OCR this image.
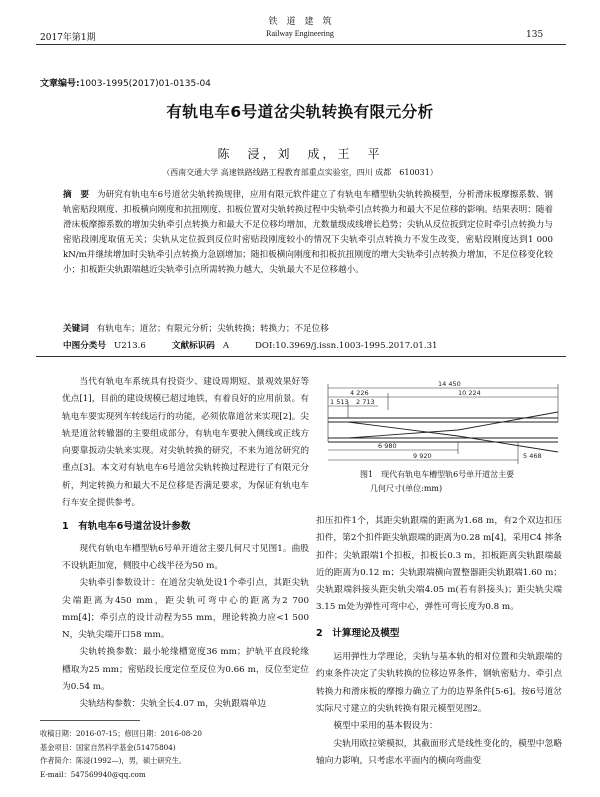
2017年第1期
铁　道　建　筑
Railway Engineering	135
文章编号:1003-1995(2017)01-0135-04
有轨电车6号道岔尖轨转换有限元分析
陈　浸，刘　成，王　平
（西南交通大学 高速铁路线路工程教育部重点实验室，四川 成都　610031）
摘　要 为研究有轨电车6号道岔尖轨转换规律，应用有限元软件建立了有轨电车槽型轨尖轨转换模型，分析滑床板摩擦系数、钢轨密贴段刚度、扣板横向刚度和抗扭刚度、扣板位置对尖轨转换过程中尖轨牵引点转换力和最大不足位移的影响。结果表明：随着滑床板摩擦系数的增加尖轨牵引点转换力和最大不足位移均增加，尤数量级成线增长趋势；尖轨从反位扳到定位时牵引点转换力与密贴段刚度取值无关；尖轨从定位扳到反位时密贴段刚度较小的情况下尖轨牵引点转换力不发生改变，密贴段刚度达到1 000 kN/m并继续增加时尖轨牵引点转换力急剧增加；随扣板横向刚度和扣板抗扭刚度的增大尖轨牵引点转换力增加，不足位移变化较小；扣板距尖轨跟端越近尖轨牵引点所需转换力越大，尖轨最大不足位移越小。
关键词 有轨电车；道岔；有限元分析；尖轨转换；转换力；不足位移
中图分类号 U213.6	文献标识码 A	DOI:10.3969/j.issn.1003-1995.2017.01.31
当代有轨电车系统具有投资少、建设周期短、景观效果好等优点[1]，目前的建设规模已超过地铁，有着良好的应用前景。有轨电车要实现列车转线运行的功能，必须依靠道岔来实现[2]。尖轨是道岔转辙器的主要组成部分，有轨电车要驶入侧线或正线方向要靠扳动尖轨来实现。对尖轨转换的研究，不来为道岔研究的重点[3]。本文对有轨电车6号道岔尖轨转换过程进行了有限元分析，判定转换力和最大不足位移是否满足要求，为保证有轨电车行车安全提供参考。
1　有轨电车6号道岔设计参数
现代有轨电车槽型轨6号单开道岔主要几何尺寸见图1。曲股不设轨距加宽，侧股中心线半径为50 m。
尖轨牵引参数设计：在道岔尖轨处设1个牵引点，其距尖轨尖端距离为450 mm，距尖轨可弯中心的距离为2 700 mm[4]；牵引点的设计动程为55 mm，理论转换力应<1 500 N，尖轨尖端开口58 mm。
尖轨转换参数：最小轮缘槽宽度36 mm；护轨平直段轮缘槽取为25 mm；密贴段长度定位至反位为0.66 m，反位至定位为0.54 m。
尖轨结构参数：尖轨全长4.07 m，尖轨跟端单边
14 450
4 226	10 224
1 513 2 713
6 980
9 920	5 468
图1　现代有轨电车槽型轨6号单开道岔主要
几何尺寸(单位:mm)
扣压扣件1个，其距尖轨跟端的距离为1.68 m，有2个双边扣压扣件，第2个扣件距尖轨跟端的距离为0.28 m[4]，采用C4 摔条扣件；尖轨跟端1个扣板，扣板长0.3 m，扣板距离尖轨跟端最近的距离为0.12 m；尖轨跟端横向置整器距尖轨跟端1.60 m；尖轨跟端斜接头距尖轨尖端4.05 m(若有斜接头)；距尖轨尖端3.15 m处为弹性可弯中心，弹性可弯长度为0.8 m。
2　计算理论及模型
运用弹性力学理论，尖轨与基本轨的相对位置和尖轨跟端的约束条件决定了尖轨转换的位移边界条件，钢轨密贴力、牵引点转换力和滑床板的摩擦力确立了力的边界条件[5-6]。按6号道岔实际尺寸建立的尖轨转换有限元模型见图2。
模型中采用的基本假设为：
尖轨用欧拉梁模拟，其截面形式是线性变化的，模型中忽略轴向力影响，只考虑水平面内的横向弯曲变
收稿日期：2016-07-15；修回日期：2016-08-20
基金项目：国家自然科学基金(51475804)
作者简介：陈浸(1992—)，男，硕士研究生。
E-mail：547569940@qq.com
